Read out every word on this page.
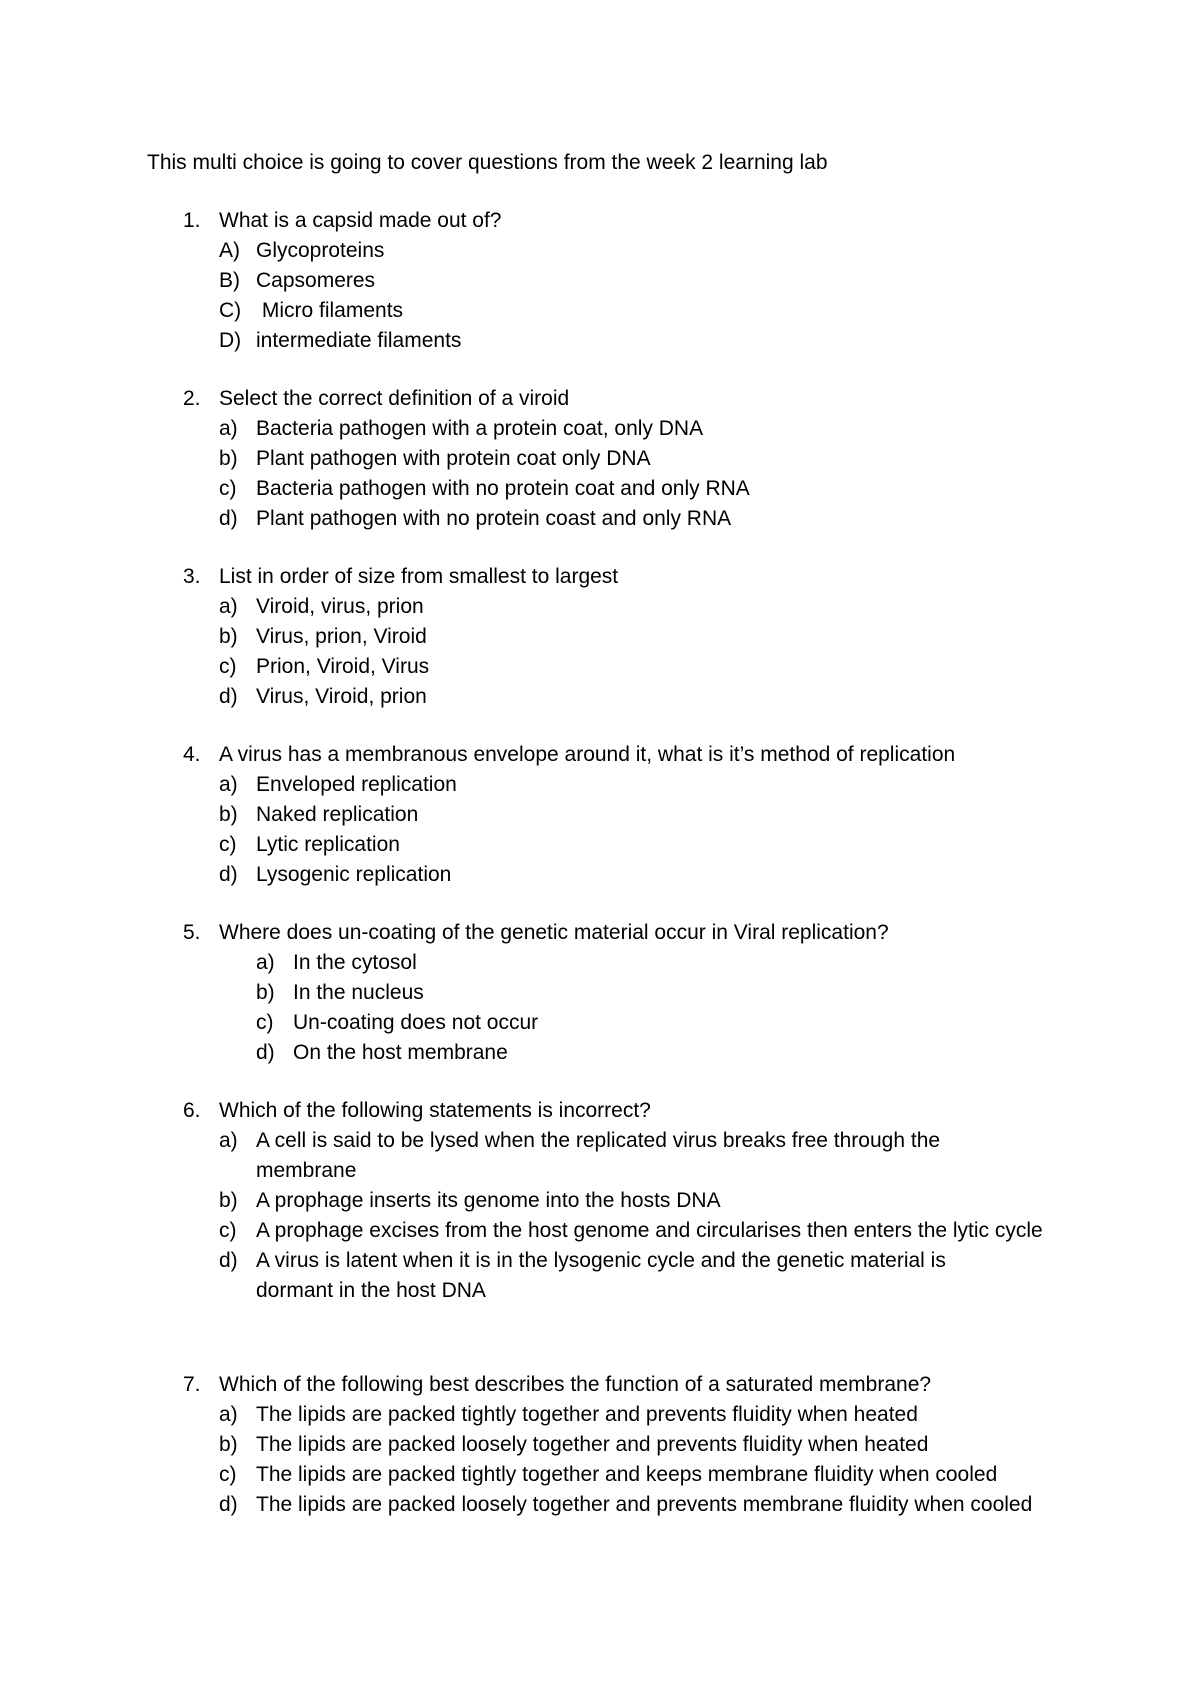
This multi choice is going to cover questions from the week 2 learning lab
1. What is a capsid made out of?
A) Glycoproteins
B) Capsomeres
C) Micro filaments
D) intermediate filaments
2. Select the correct definition of a viroid
a) Bacteria pathogen with a protein coat, only DNA
b) Plant pathogen with protein coat only DNA
c) Bacteria pathogen with no protein coat and only RNA
d) Plant pathogen with no protein coast and only RNA
3. List in order of size from smallest to largest
a) Viroid, virus, prion
b) Virus, prion, Viroid
c) Prion, Viroid, Virus
d) Virus, Viroid, prion
4. A virus has a membranous envelope around it, what is it’s method of replication
a) Enveloped replication
b) Naked replication
c) Lytic replication
d) Lysogenic replication
5. Where does un-coating of the genetic material occur in Viral replication?
a) In the cytosol
b) In the nucleus
c) Un-coating does not occur
d) On the host membrane
6. Which of the following statements is incorrect?
a) A cell is said to be lysed when the replicated virus breaks free through the membrane
b) A prophage inserts its genome into the hosts DNA
c) A prophage excises from the host genome and circularises then enters the lytic cycle
d) A virus is latent when it is in the lysogenic cycle and the genetic material is dormant in the host DNA
7. Which of the following best describes the function of a saturated membrane?
a) The lipids are packed tightly together and prevents fluidity when heated
b) The lipids are packed loosely together and prevents fluidity when heated
c) The lipids are packed tightly together and keeps membrane fluidity when cooled
d) The lipids are packed loosely together and prevents membrane fluidity when cooled
